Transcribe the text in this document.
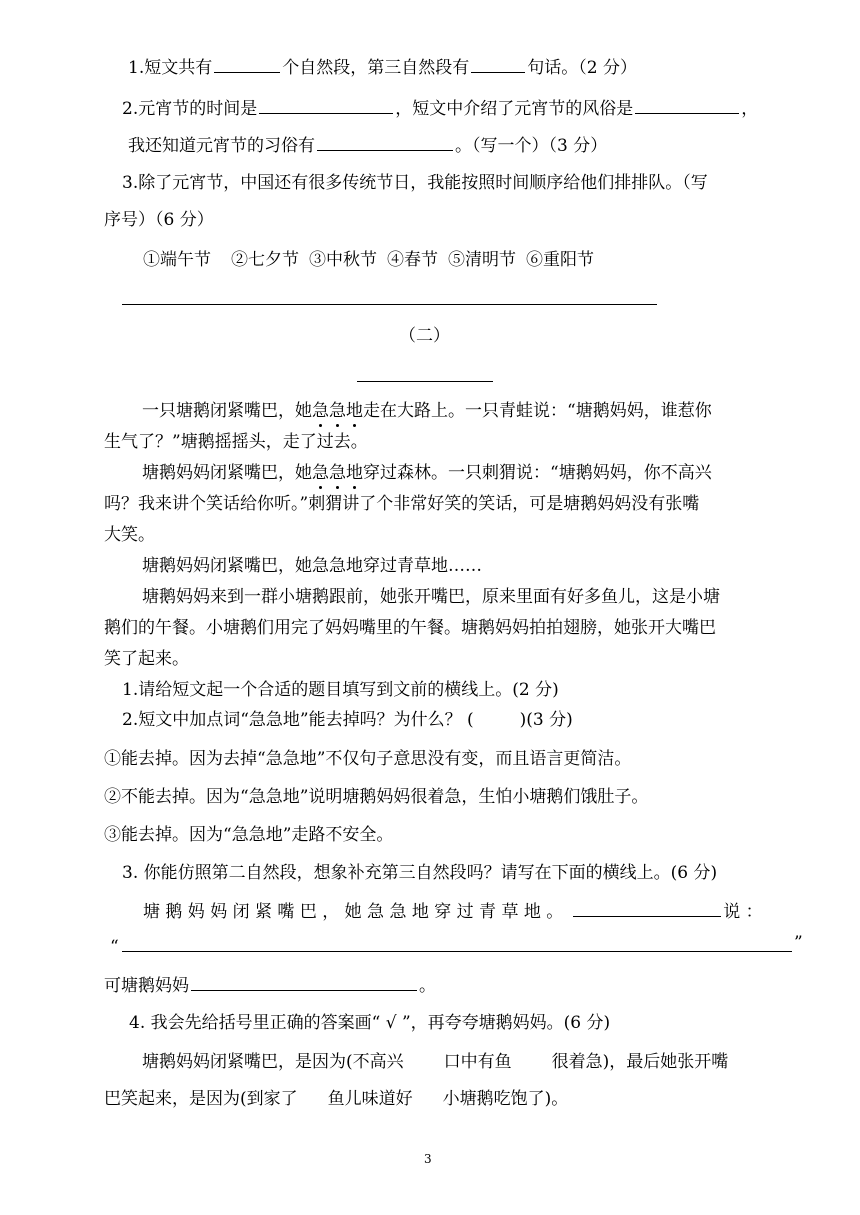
1.短文共有	个自然段，第三自然段有	句话。（2 分）
2.元宵节的时间是	，短文中介绍了元宵节的风俗是	，
我还知道元宵节的习俗有	。（写一个）（3 分）
3.除了元宵节，中国还有很多传统节日，我能按照时间顺序给他们排排队。（写
序号）（6 分）
①端午节 ②七夕节 ③中秋节 ④春节 ⑤清明节 ⑥重阳节
（二）
一只塘鹅闭紧嘴巴，她急急地走在大路上。一只青蛙说：“塘鹅妈妈，谁惹你
生气了？”塘鹅摇摇头，走了过去。
塘鹅妈妈闭紧嘴巴，她急急地穿过森林。一只刺猬说：“塘鹅妈妈，你不高兴
吗？我来讲个笑话给你听。”刺猬讲了个非常好笑的笑话，可是塘鹅妈妈没有张嘴
大笑。
塘鹅妈妈闭紧嘴巴，她急急地穿过青草地……
塘鹅妈妈来到一群小塘鹅跟前，她张开嘴巴，原来里面有好多鱼儿，这是小塘
鹅们的午餐。小塘鹅们用完了妈妈嘴里的午餐。塘鹅妈妈拍拍翅膀，她张开大嘴巴
笑了起来。
1.请给短文起一个合适的题目填写到文前的横线上。(2 分)
2.短文中加点词“急急地”能去掉吗？为什么？ (	)(3 分)
①能去掉。因为去掉“急急地”不仅句子意思没有变，而且语言更简洁。
②不能去掉。因为“急急地”说明塘鹅妈妈很着急，生怕小塘鹅们饿肚子。
③能去掉。因为“急急地”走路不安全。
3. 你能仿照第二自然段，想象补充第三自然段吗？请写在下面的横线上。(6 分)
塘 鹅 妈 妈 闭 紧 嘴 巴 ， 她 急 急 地 穿 过 青 草 地 。	说 ：
“	”
可塘鹅妈妈	。
4. 我会先给括号里正确的答案画“ √ ”，再夸夸塘鹅妈妈。(6 分)
塘鹅妈妈闭紧嘴巴，是因为(不高兴 口中有鱼 很着急)，最后她张开嘴
巴笑起来，是因为(到家了 鱼儿味道好 小塘鹅吃饱了)。
3
